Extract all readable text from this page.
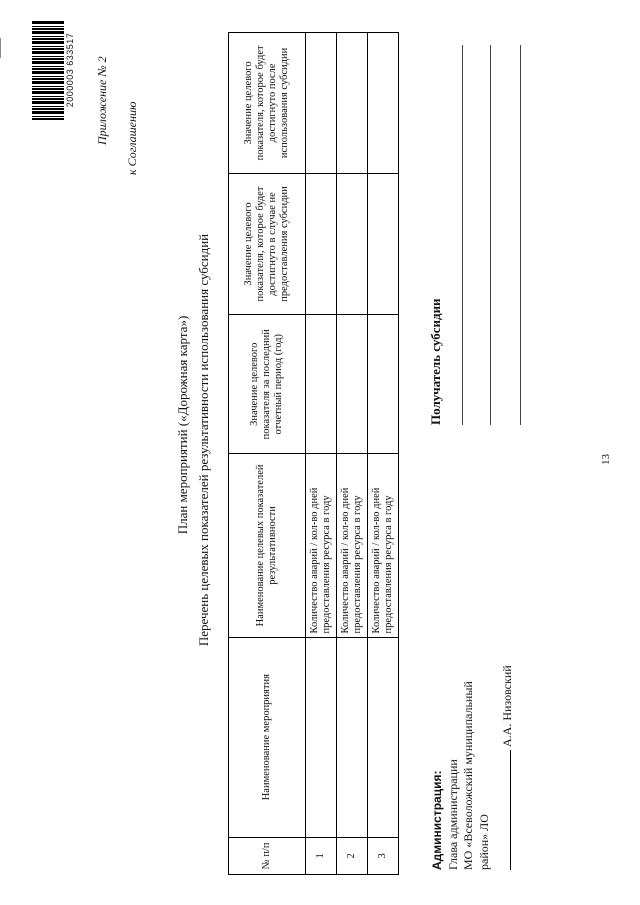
2000003 633517 Приложение № 2 к Соглашению
План мероприятий («Дорожная карта») Перечень целевых показателей результативности использования субсидий
№ п/п	Наименование мероприятия	Наименование целевых показателей результативности	Значение целевого показателя за последний отчетный период (год)	Значение целевого показателя, которое будет достигнуто в случае не предоставления субсидии	Значение целевого показателя, которое будет достигнуто после использования субсидии
1		Количество аварий / кол-во дней предоставления ресурса в году			
2		Количество аварий / кол-во дней предоставления ресурса в году			
3		Количество аварий / кол-во дней предоставления ресурса в году			
Получатель субсидии
Администрация: Глава администрации МО «Всеволожский муниципальный район» ЛО
А.А. Низовский
13
